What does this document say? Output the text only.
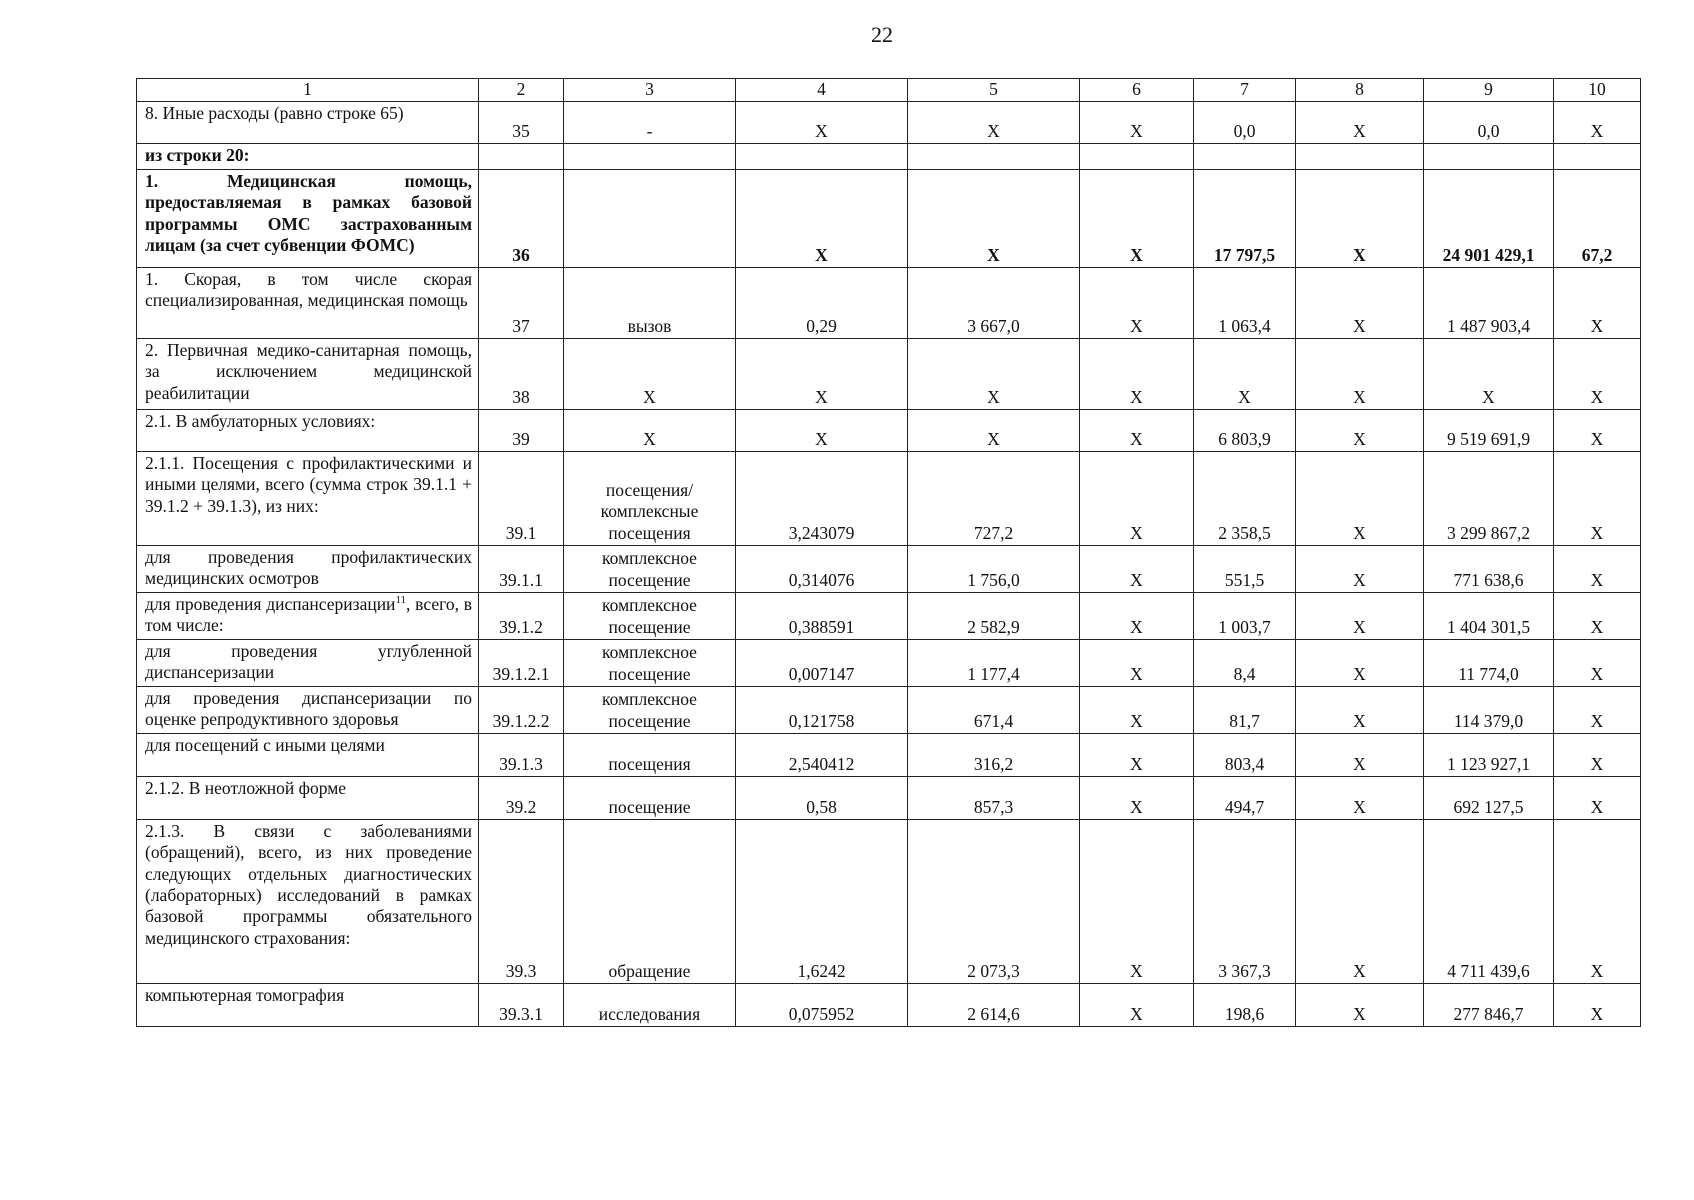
22
1	2	3	4	5	6	7	8	9	10
8. Иные расходы (равно строке 65)	35	-	X	X	X	0,0	X	0,0	X
из строки 20:									
1. Медицинская помощь, предоставляемая в рамках базовой программы ОМС застрахованным лицам (за счет субвенции ФОМС)	36		X	X	X	17 797,5	X	24 901 429,1	67,2
1. Скорая, в том числе скорая специализированная, медицинская помощь	37	вызов	0,29	3 667,0	X	1 063,4	X	1 487 903,4	X
2. Первичная медико-санитарная помощь, за исключением медицинской реабилитации	38	X	X	X	X	X	X	X	X
2.1. В амбулаторных условиях:	39	X	X	X	X	6 803,9	X	9 519 691,9	X
2.1.1. Посещения с профилактическими и иными целями, всего (сумма строк 39.1.1 + 39.1.2 + 39.1.3), из них:	39.1	посещения/ комплексные посещения	3,243079	727,2	X	2 358,5	X	3 299 867,2	X
для проведения профилактических медицинских осмотров	39.1.1	комплексное посещение	0,314076	1 756,0	X	551,5	X	771 638,6	X
для проведения диспансеризации$^{11}$, всего, в том числе:	39.1.2	комплексное посещение	0,388591	2 582,9	X	1 003,7	X	1 404 301,5	X
для проведения углубленной диспансеризации	39.1.2.1	комплексное посещение	0,007147	1 177,4	X	8,4	X	11 774,0	X
для проведения диспансеризации по оценке репродуктивного здоровья	39.1.2.2	комплексное посещение	0,121758	671,4	X	81,7	X	114 379,0	X
для посещений с иными целями	39.1.3	посещения	2,540412	316,2	X	803,4	X	1 123 927,1	X
2.1.2. В неотложной форме	39.2	посещение	0,58	857,3	X	494,7	X	692 127,5	X
2.1.3. В связи с заболеваниями (обращений), всего, из них проведение следующих отдельных диагностических (лабораторных) исследований в рамках базовой программы обязательного медицинского страхования:	39.3	обращение	1,6242	2 073,3	X	3 367,3	X	4 711 439,6	X
компьютерная томография	39.3.1	исследования	0,075952	2 614,6	X	198,6	X	277 846,7	X
